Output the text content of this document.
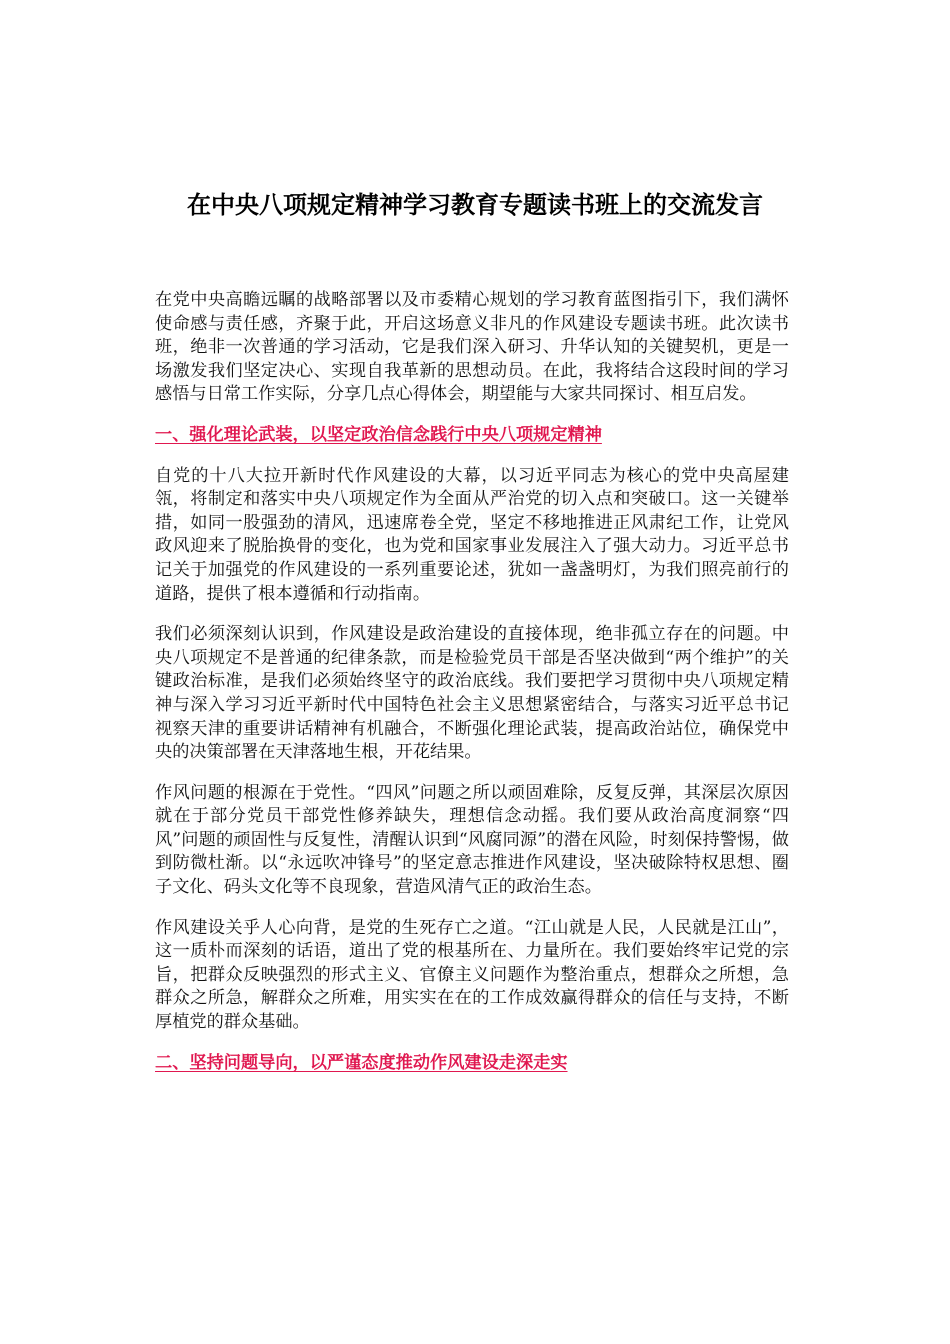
在中央八项规定精神学习教育专题读书班上的交流发言

在党中央高瞻远瞩的战略部署以及市委精心规划的学习教育蓝图指引下，我们满怀使命感与责任感，齐聚于此，开启这场意义非凡的作风建设专题读书班。此次读书班，绝非一次普通的学习活动，它是我们深入研习、升华认知的关键契机，更是一场激发我们坚定决心、实现自我革新的思想动员。在此，我将结合这段时间的学习感悟与日常工作实际，分享几点心得体会，期望能与大家共同探讨、相互启发。

一、强化理论武装，以坚定政治信念践行中央八项规定精神

自党的十八大拉开新时代作风建设的大幕，以习近平同志为核心的党中央高屋建瓴，将制定和落实中央八项规定作为全面从严治党的切入点和突破口。这一关键举措，如同一股强劲的清风，迅速席卷全党，坚定不移地推进正风肃纪工作，让党风政风迎来了脱胎换骨的变化，也为党和国家事业发展注入了强大动力。习近平总书记关于加强党的作风建设的一系列重要论述，犹如一盏盏明灯，为我们照亮前行的道路，提供了根本遵循和行动指南。

我们必须深刻认识到，作风建设是政治建设的直接体现，绝非孤立存在的问题。中央八项规定不是普通的纪律条款，而是检验党员干部是否坚决做到“两个维护”的关键政治标准，是我们必须始终坚守的政治底线。我们要把学习贯彻中央八项规定精神与深入学习习近平新时代中国特色社会主义思想紧密结合，与落实习近平总书记视察天津的重要讲话精神有机融合，不断强化理论武装，提高政治站位，确保党中央的决策部署在天津落地生根，开花结果。

作风问题的根源在于党性。“四风”问题之所以顽固难除，反复反弹，其深层次原因就在于部分党员干部党性修养缺失，理想信念动摇。我们要从政治高度洞察“四风”问题的顽固性与反复性，清醒认识到“风腐同源”的潜在风险，时刻保持警惕，做到防微杜渐。以“永远吹冲锋号”的坚定意志推进作风建设，坚决破除特权思想、圈子文化、码头文化等不良现象，营造风清气正的政治生态。

作风建设关乎人心向背，是党的生死存亡之道。“江山就是人民，人民就是江山”，这一质朴而深刻的话语，道出了党的根基所在、力量所在。我们要始终牢记党的宗旨，把群众反映强烈的形式主义、官僚主义问题作为整治重点，想群众之所想，急群众之所急，解群众之所难，用实实在在的工作成效赢得群众的信任与支持，不断厚植党的群众基础。

二、坚持问题导向，以严谨态度推动作风建设走深走实
